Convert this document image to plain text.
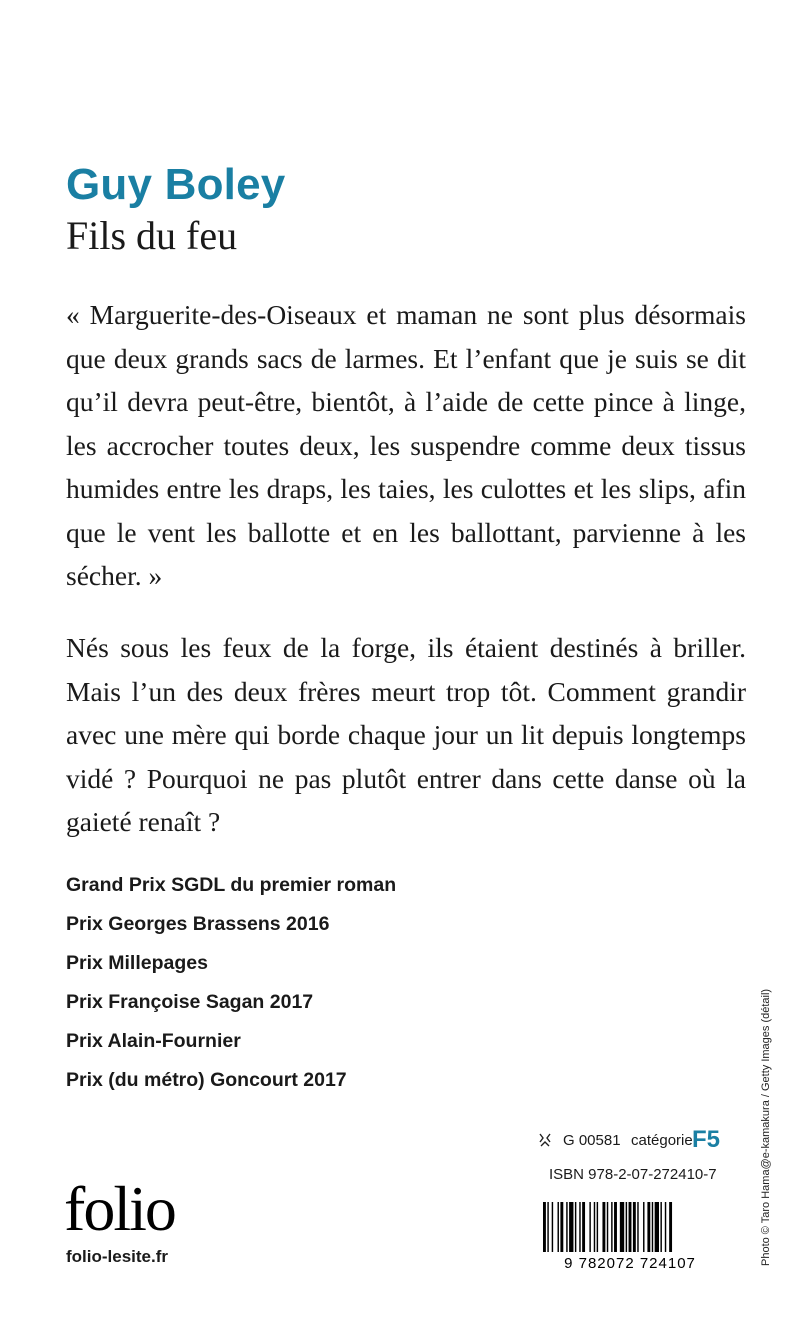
Guy Boley
Fils du feu
« Marguerite-des-Oiseaux et maman ne sont plus désormais que deux grands sacs de larmes. Et l’enfant que je suis se dit qu’il devra peut-être, bientôt, à l’aide de cette pince à linge, les accrocher toutes deux, les suspendre comme deux tissus humides entre les draps, les taies, les culottes et les slips, afin que le vent les ballotte et en les ballottant, parvienne à les sécher. »
Nés sous les feux de la forge, ils étaient destinés à briller. Mais l’un des deux frères meurt trop tôt. Comment grandir avec une mère qui borde chaque jour un lit depuis longtemps vidé ? Pourquoi ne pas plutôt entrer dans cette danse où la gaieté renaît ?
Grand Prix SGDL du premier roman
Prix Georges Brassens 2016
Prix Millepages
Prix Françoise Sagan 2017
Prix Alain-Fournier
Prix (du métro) Goncourt 2017	Photo © Taro Hama@e-kamakura / Getty Images (détail)
G 00581 catégorie F5
ISBN 978-2-07-272410-7
9 782072 724107
folio
folio-lesite.fr
